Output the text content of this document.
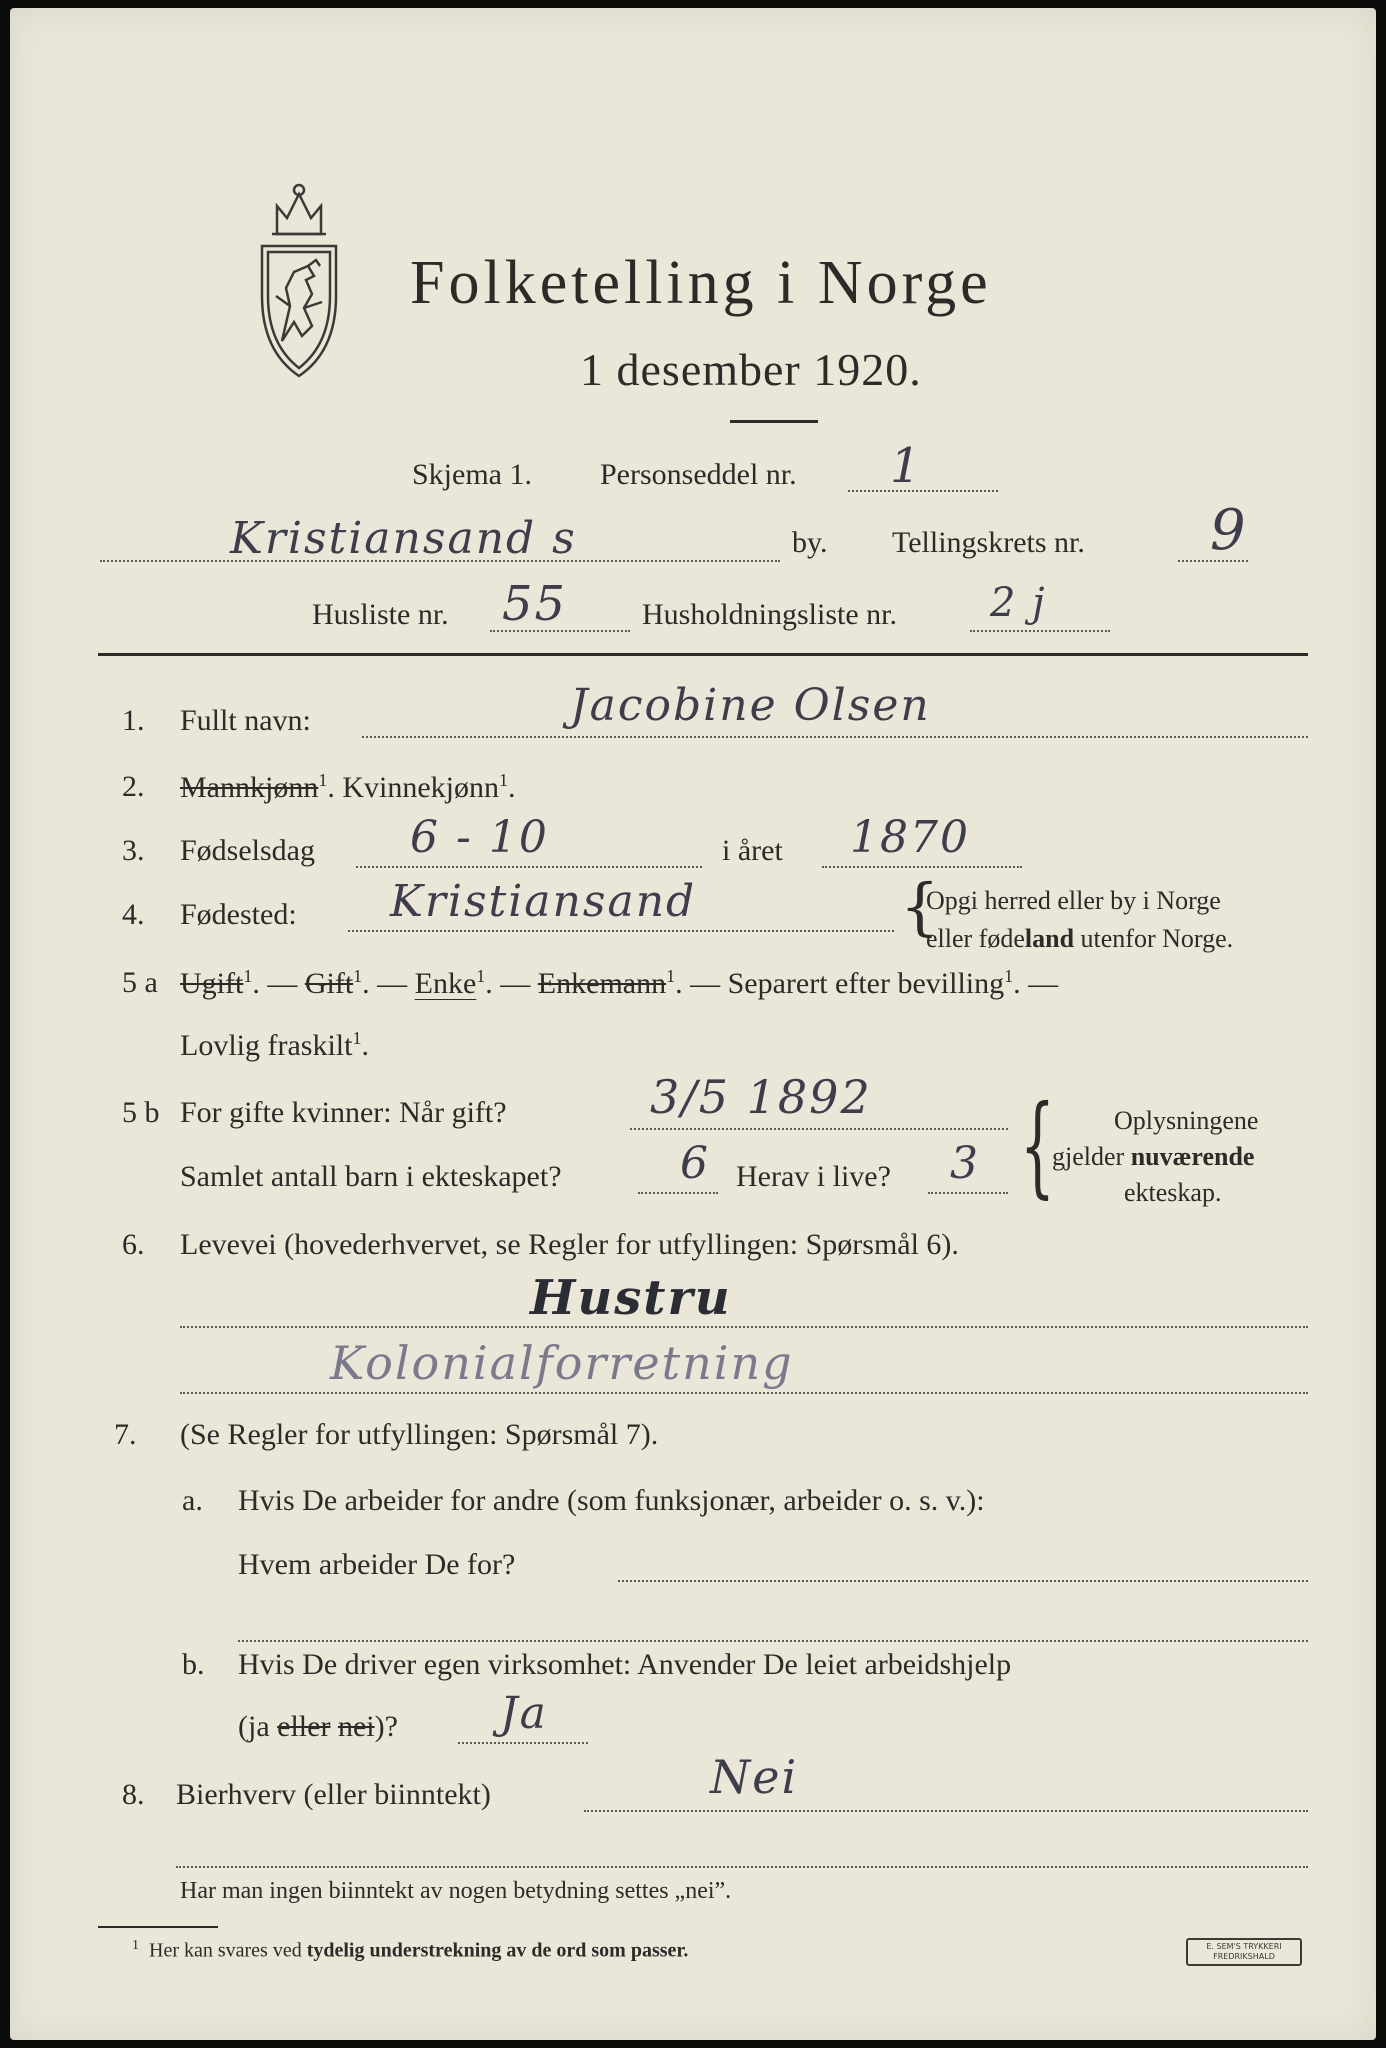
Folketelling i Norge
1 desember 1920.
Skjema 1. Personseddel nr. 1
Kristiansand s	by. Tellingskrets nr. 9
Husliste nr. 55 Husholdningsliste nr. 2 j
1. Fullt navn:	Jacobine Olsen
2. Mannkjønn$^1$. Kvinnekjønn$^1$.
3. Fødselsdag 6 - 10	i året 1870
4. Fødested: Kristiansand	{
Opgi herred eller by i Norge
eller fødeland utenfor Norge.
5 a Ugift$^1$. — Gift$^1$. — Enke$^1$. — Enkemann$^1$. — Separert efter bevilling$^1$. —
Lovlig fraskilt$^1$.
5 b For gifte kvinner: Når gift?	3/5 1892
Samlet antall barn i ekteskapet?	6 Herav i live? 3 { Oplysningene
gjelder nuværende
ekteskap.
6. Levevei (hovederhvervet, se Regler for utfyllingen: Spørsmål 6).
Hustru
Kolonialforretning
7. (Se Regler for utfyllingen: Spørsmål 7).
a. Hvis De arbeider for andre (som funksjonær, arbeider o. s. v.):
Hvem arbeider De for?
b. Hvis De driver egen virksomhet: Anvender De leiet arbeidshjelp
(ja eller nei)? Ja
8. Bierhverv (eller biinntekt)	Nei
Har man ingen biinntekt av nogen betydning settes „nei”.
$^1$ Her kan svares ved tydelig understrekning av de ord som passer.	E. SEM'S TRYKKERI
FREDRIKSHALD
